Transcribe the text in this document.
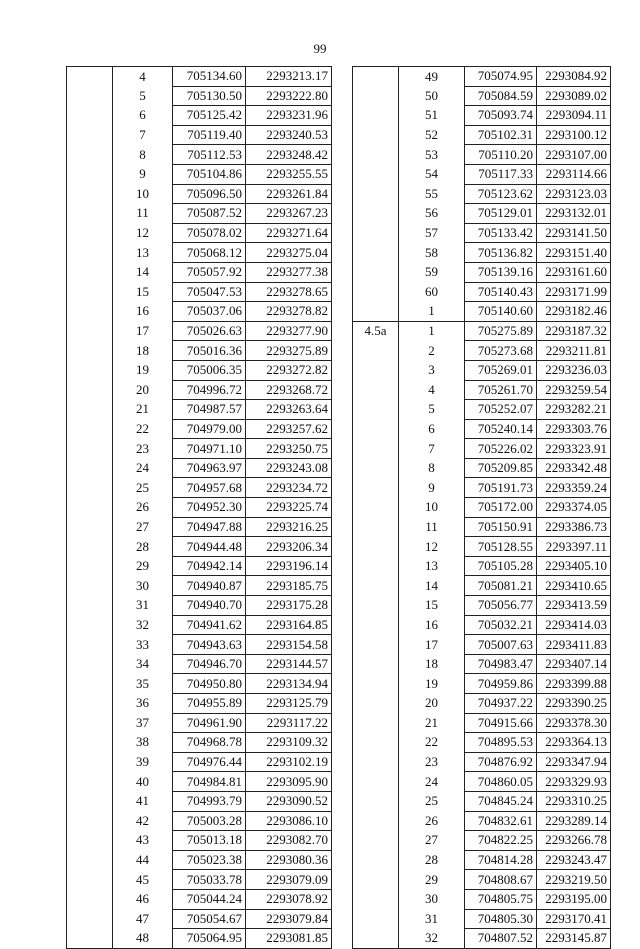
99
	4	705134.60	2293213.17
	5	705130.50	2293222.80
	6	705125.42	2293231.96
	7	705119.40	2293240.53
	8	705112.53	2293248.42
	9	705104.86	2293255.55
	10	705096.50	2293261.84
	11	705087.52	2293267.23
	12	705078.02	2293271.64
	13	705068.12	2293275.04
	14	705057.92	2293277.38
	15	705047.53	2293278.65
	16	705037.06	2293278.82
	17	705026.63	2293277.90
	18	705016.36	2293275.89
	19	705006.35	2293272.82
	20	704996.72	2293268.72
	21	704987.57	2293263.64
	22	704979.00	2293257.62
	23	704971.10	2293250.75
	24	704963.97	2293243.08
	25	704957.68	2293234.72
	26	704952.30	2293225.74
	27	704947.88	2293216.25
	28	704944.48	2293206.34
	29	704942.14	2293196.14
	30	704940.87	2293185.75
	31	704940.70	2293175.28
	32	704941.62	2293164.85
	33	704943.63	2293154.58
	34	704946.70	2293144.57
	35	704950.80	2293134.94
	36	704955.89	2293125.79
	37	704961.90	2293117.22
	38	704968.78	2293109.32
	39	704976.44	2293102.19
	40	704984.81	2293095.90
	41	704993.79	2293090.52
	42	705003.28	2293086.10
	43	705013.18	2293082.70
	44	705023.38	2293080.36
	45	705033.78	2293079.09
	46	705044.24	2293078.92
	47	705054.67	2293079.84
	48	705064.95	2293081.85
	49	705074.95	2293084.92
	50	705084.59	2293089.02
	51	705093.74	2293094.11
	52	705102.31	2293100.12
	53	705110.20	2293107.00
	54	705117.33	2293114.66
	55	705123.62	2293123.03
	56	705129.01	2293132.01
	57	705133.42	2293141.50
	58	705136.82	2293151.40
	59	705139.16	2293161.60
	60	705140.43	2293171.99
	1	705140.60	2293182.46
4.5a	1	705275.89	2293187.32
	2	705273.68	2293211.81
	3	705269.01	2293236.03
	4	705261.70	2293259.54
	5	705252.07	2293282.21
	6	705240.14	2293303.76
	7	705226.02	2293323.91
	8	705209.85	2293342.48
	9	705191.73	2293359.24
	10	705172.00	2293374.05
	11	705150.91	2293386.73
	12	705128.55	2293397.11
	13	705105.28	2293405.10
	14	705081.21	2293410.65
	15	705056.77	2293413.59
	16	705032.21	2293414.03
	17	705007.63	2293411.83
	18	704983.47	2293407.14
	19	704959.86	2293399.88
	20	704937.22	2293390.25
	21	704915.66	2293378.30
	22	704895.53	2293364.13
	23	704876.92	2293347.94
	24	704860.05	2293329.93
	25	704845.24	2293310.25
	26	704832.61	2293289.14
	27	704822.25	2293266.78
	28	704814.28	2293243.47
	29	704808.67	2293219.50
	30	704805.75	2293195.00
	31	704805.30	2293170.41
	32	704807.52	2293145.87
